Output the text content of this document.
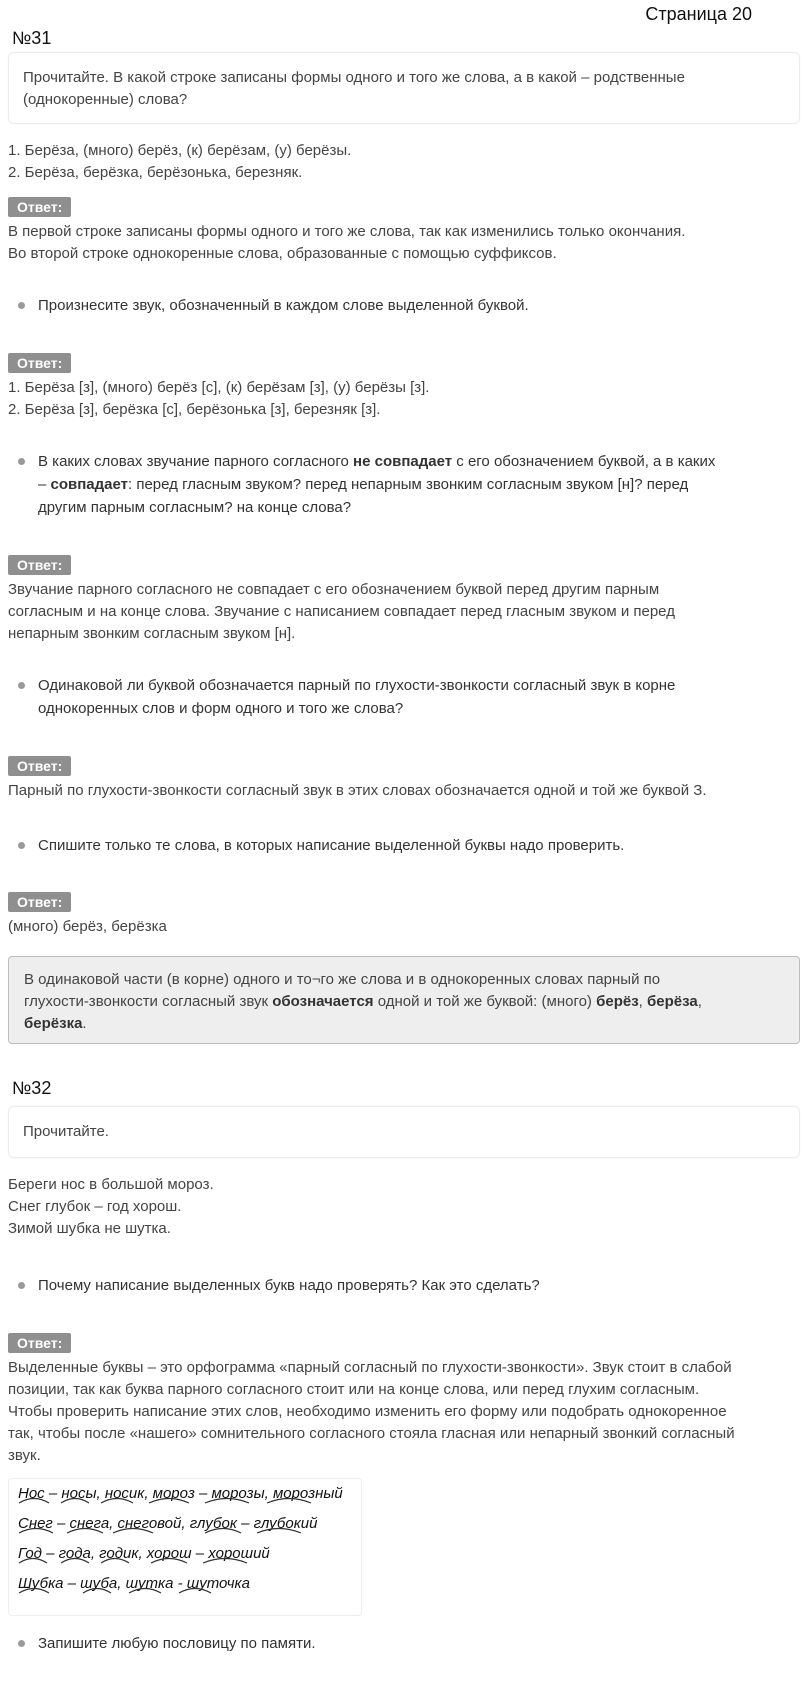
Страница 20
№31
Прочитайте. В какой строке записаны формы одного и того же слова, а в какой – родственные
(однокоренные) слова?
1. Берёза, (много) берёз, (к) берёзам, (у) берёзы.
2. Берёза, берёзка, берёзонька, березняк.
Ответ:
В первой строке записаны формы одного и того же слова, так как изменились только окончания.
Во второй строке однокоренные слова, образованные с помощью суффиксов.
Произнесите звук, обозначенный в каждом слове выделенной буквой.
Ответ:
1. Берёза [з], (много) берёз [с], (к) берёзам [з], (у) берёзы [з].
2. Берёза [з], берёзка [с], берёзонька [з], березняк [з].
В каких словах звучание парного согласного не совпадает с его обозначением буквой, а в каких
– совпадает: перед гласным звуком? перед непарным звонким согласным звуком [н]? перед
другим парным согласным? на конце слова?
Ответ:
Звучание парного согласного не совпадает с его обозначением буквой перед другим парным
согласным и на конце слова. Звучание с написанием совпадает перед гласным звуком и перед
непарным звонким согласным звуком [н].
Одинаковой ли буквой обозначается парный по глухости-звонкости согласный звук в корне
однокоренных слов и форм одного и того же слова?
Ответ:
Парный по глухости-звонкости согласный звук в этих словах обозначается одной и той же буквой З.
Спишите только те слова, в которых написание выделенной буквы надо проверить.
Ответ:
(много) берёз, берёзка
В одинаковой части (в корне) одного и то¬го же слова и в однокоренных словах парный по
глухости-звонкости согласный звук обозначается одной и той же буквой: (много) берёз, берёза,
берёзка.
№32
Прочитайте.
Береги нос в большой мороз.
Снег глубок – год хорош.
Зимой шубка не шутка.
Почему написание выделенных букв надо проверять? Как это сделать?
Ответ:
Выделенные буквы – это орфограмма «парный согласный по глухости-звонкости». Звук стоит в слабой
позиции, так как буква парного согласного стоит или на конце слова, или перед глухим согласным.
Чтобы проверить написание этих слов, необходимо изменить его форму или подобрать однокоренное
так, чтобы после «нашего» сомнительного согласного стояла гласная или непарный звонкий согласный
звук.
Нос – носы, носик, мороз – морозы, морозный
Снег – снега, снеговой, глубок – глубокий
Год – года, годик, хорош – хороший
Шубка – шуба, шутка - шуточка
Запишите любую пословицу по памяти.
